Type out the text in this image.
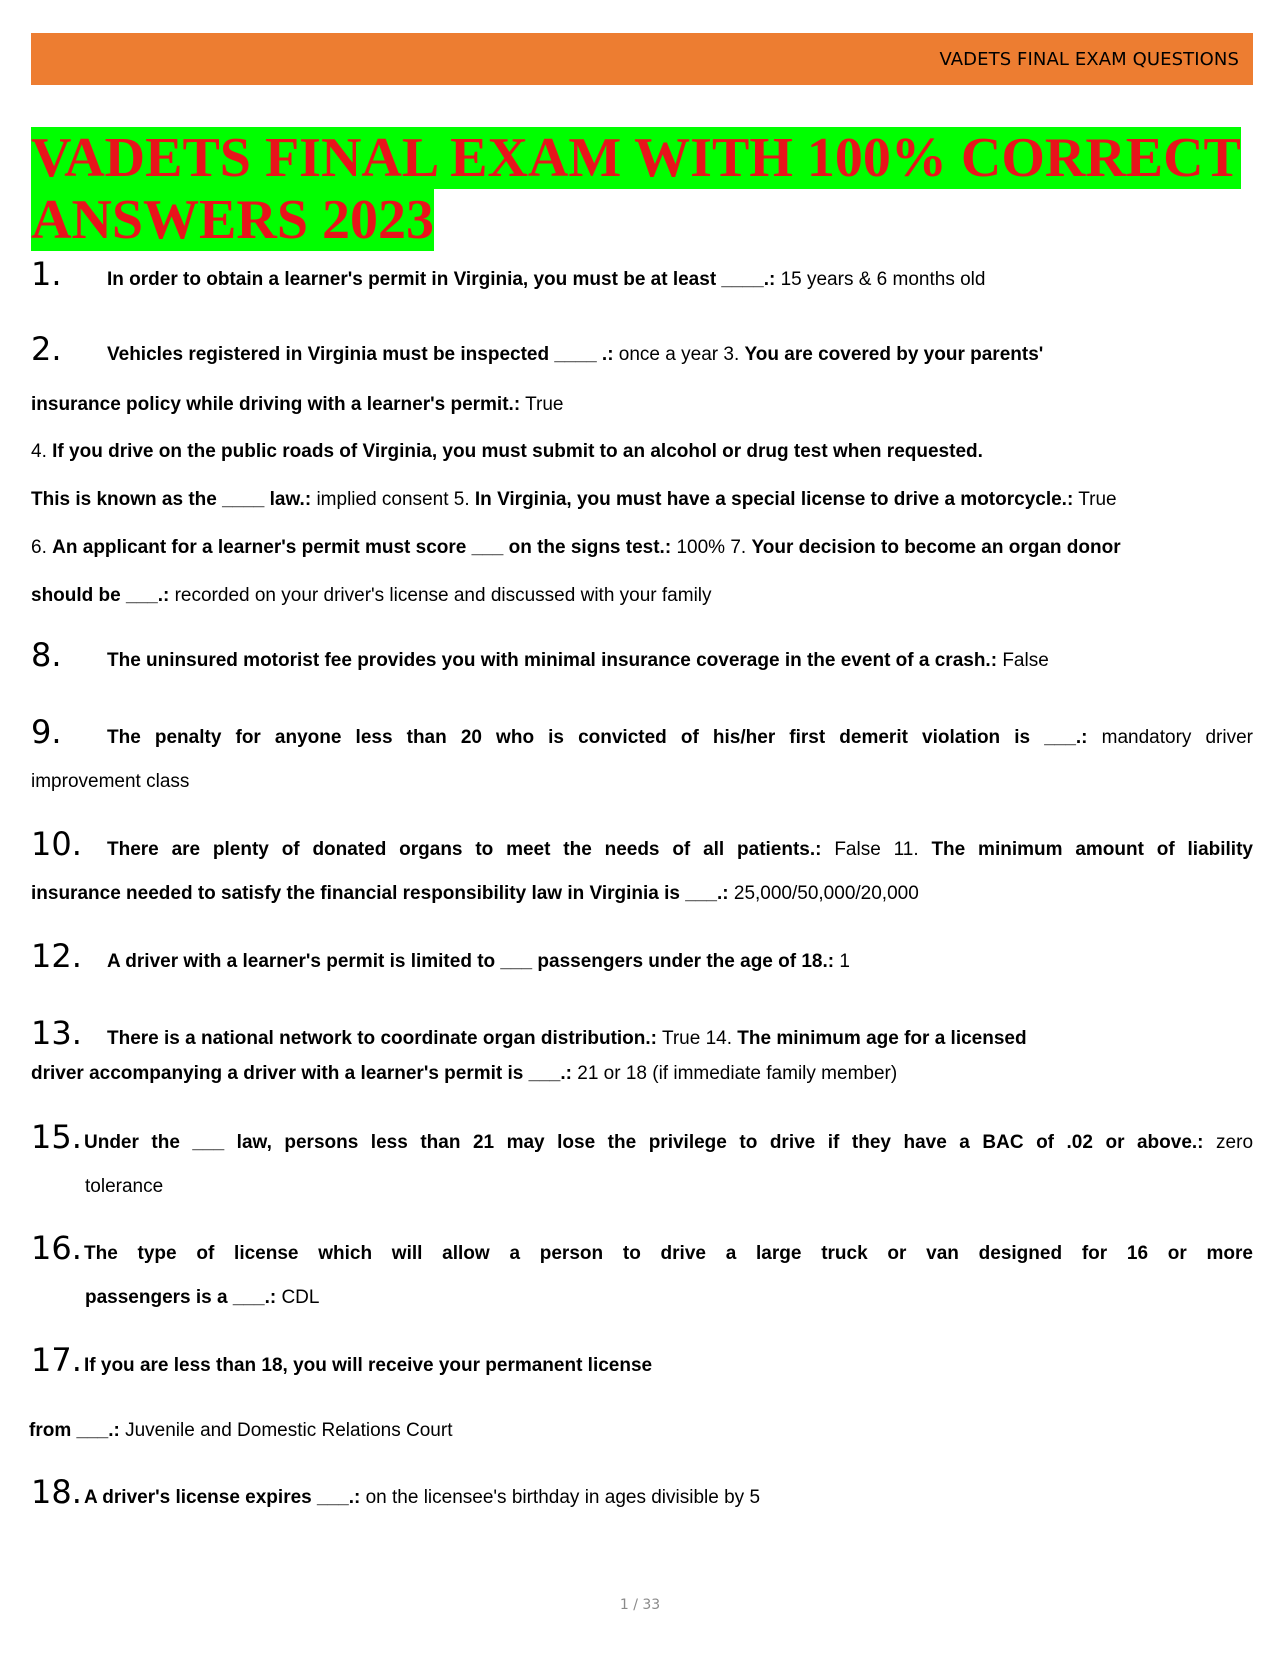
VADETS FINAL EXAM QUESTIONS
VADETS FINAL EXAM WITH 100% CORRECT ANSWERS 2023
1. In order to obtain a learner's permit in Virginia, you must be at least ____.: 15 years & 6 months old
2. Vehicles registered in Virginia must be inspected ____ .: once a year 3. You are covered by your parents'
insurance policy while driving with a learner's permit.: True
4. If you drive on the public roads of Virginia, you must submit to an alcohol or drug test when requested.
This is known as the ____ law.: implied consent 5. In Virginia, you must have a special license to drive a motorcycle.: True
6. An applicant for a learner's permit must score ___ on the signs test.: 100% 7. Your decision to become an organ donor
should be ___.: recorded on your driver's license and discussed with your family
8. The uninsured motorist fee provides you with minimal insurance coverage in the event of a crash.: False
9. The penalty for anyone less than 20 who is convicted of his/her first demerit violation is ___.: mandatory driver
improvement class
10. There are plenty of donated organs to meet the needs of all patients.: False 11. The minimum amount of liability
insurance needed to satisfy the financial responsibility law in Virginia is ___.: 25,000/50,000/20,000
12. A driver with a learner's permit is limited to ___ passengers under the age of 18.: 1
13. There is a national network to coordinate organ distribution.: True 14. The minimum age for a licensed
driver accompanying a driver with a learner's permit is ___.: 21 or 18 (if immediate family member)
15. Under the ___ law, persons less than 21 may lose the privilege to drive if they have a BAC of .02 or above.: zero
tolerance
16. The type of license which will allow a person to drive a large truck or van designed for 16 or more
passengers is a ___.: CDL
17. If you are less than 18, you will receive your permanent license
from ___.: Juvenile and Domestic Relations Court
18. A driver's license expires ___.: on the licensee's birthday in ages divisible by 5
1 / 33
